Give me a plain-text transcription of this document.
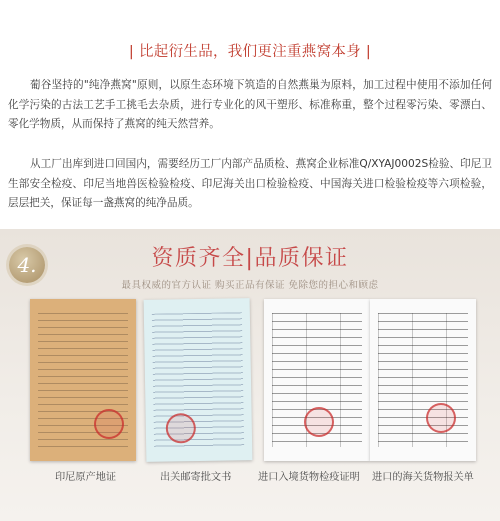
| 比起衍生品，我们更注重燕窝本身 |

葡谷坚持的"纯净燕窝"原则，以原生态环境下筑造的自然燕巢为原料，加工过程中使用不添加任何化学污染的古法工艺手工挑毛去杂质，进行专业化的风干塑形、标准称重，整个过程零污染、零漂白、零化学物质，从而保持了燕窝的纯天然营养。

从工厂出库到进口回国内，需要经历工厂内部产品质检、燕窝企业标准Q/XYAJ0002S检验、印尼卫生部安全检疫、印尼当地兽医检验检疫、印尼海关出口检验检疫、中国海关进口检验检疫等六项检验，层层把关，保证每一盏燕窝的纯净品质。

4.	资质齐全|品质保证
最具权威的官方认证 购买正品有保证 免除您的担心和顾虑
印尼原产地证	出关邮寄批文书	进口入境货物检疫证明 进口的海关货物报关单
